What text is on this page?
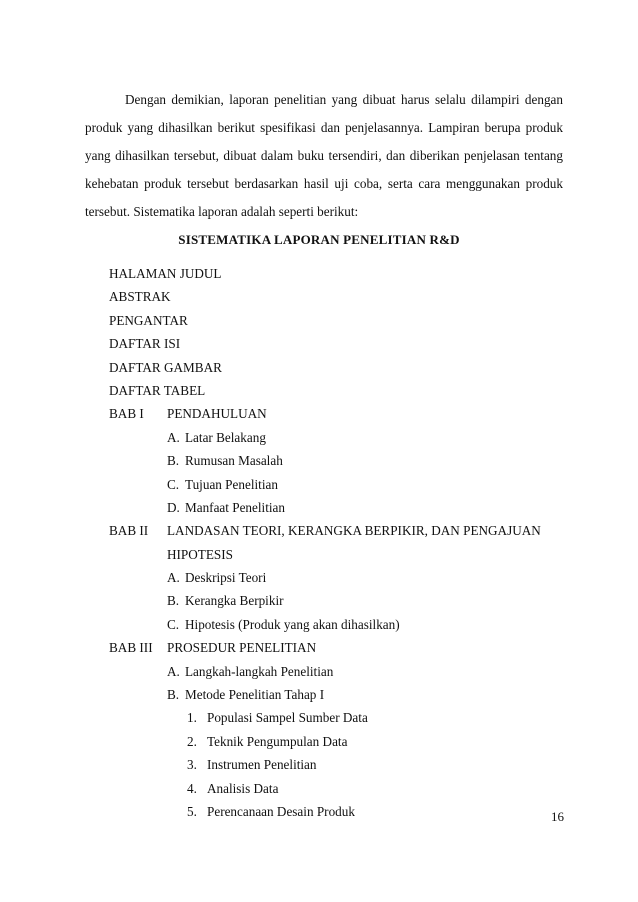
Dengan demikian, laporan penelitian yang dibuat harus selalu dilampiri dengan produk yang dihasilkan berikut spesifikasi dan penjelasannya. Lampiran berupa produk yang dihasilkan tersebut, dibuat dalam buku tersendiri, dan diberikan penjelasan tentang kehebatan produk tersebut berdasarkan hasil uji coba, serta cara menggunakan produk tersebut. Sistematika laporan adalah seperti berikut:

SISTEMATIKA LAPORAN PENELITIAN R&D
HALAMAN JUDUL
ABSTRAK
PENGANTAR
DAFTAR ISI
DAFTAR GAMBAR
DAFTAR TABEL
BAB I PENDAHULUAN
A. Latar Belakang
B. Rumusan Masalah
C. Tujuan Penelitian
D. Manfaat Penelitian
BAB II LANDASAN TEORI, KERANGKA BERPIKIR, DAN PENGAJUAN
HIPOTESIS
A. Deskripsi Teori
B. Kerangka Berpikir
C. Hipotesis (Produk yang akan dihasilkan)
BAB III PROSEDUR PENELITIAN
A. Langkah-langkah Penelitian
B. Metode Penelitian Tahap I
1. Populasi Sampel Sumber Data
2. Teknik Pengumpulan Data
3. Instrumen Penelitian
4. Analisis Data
5. Perencanaan Desain Produk	16
